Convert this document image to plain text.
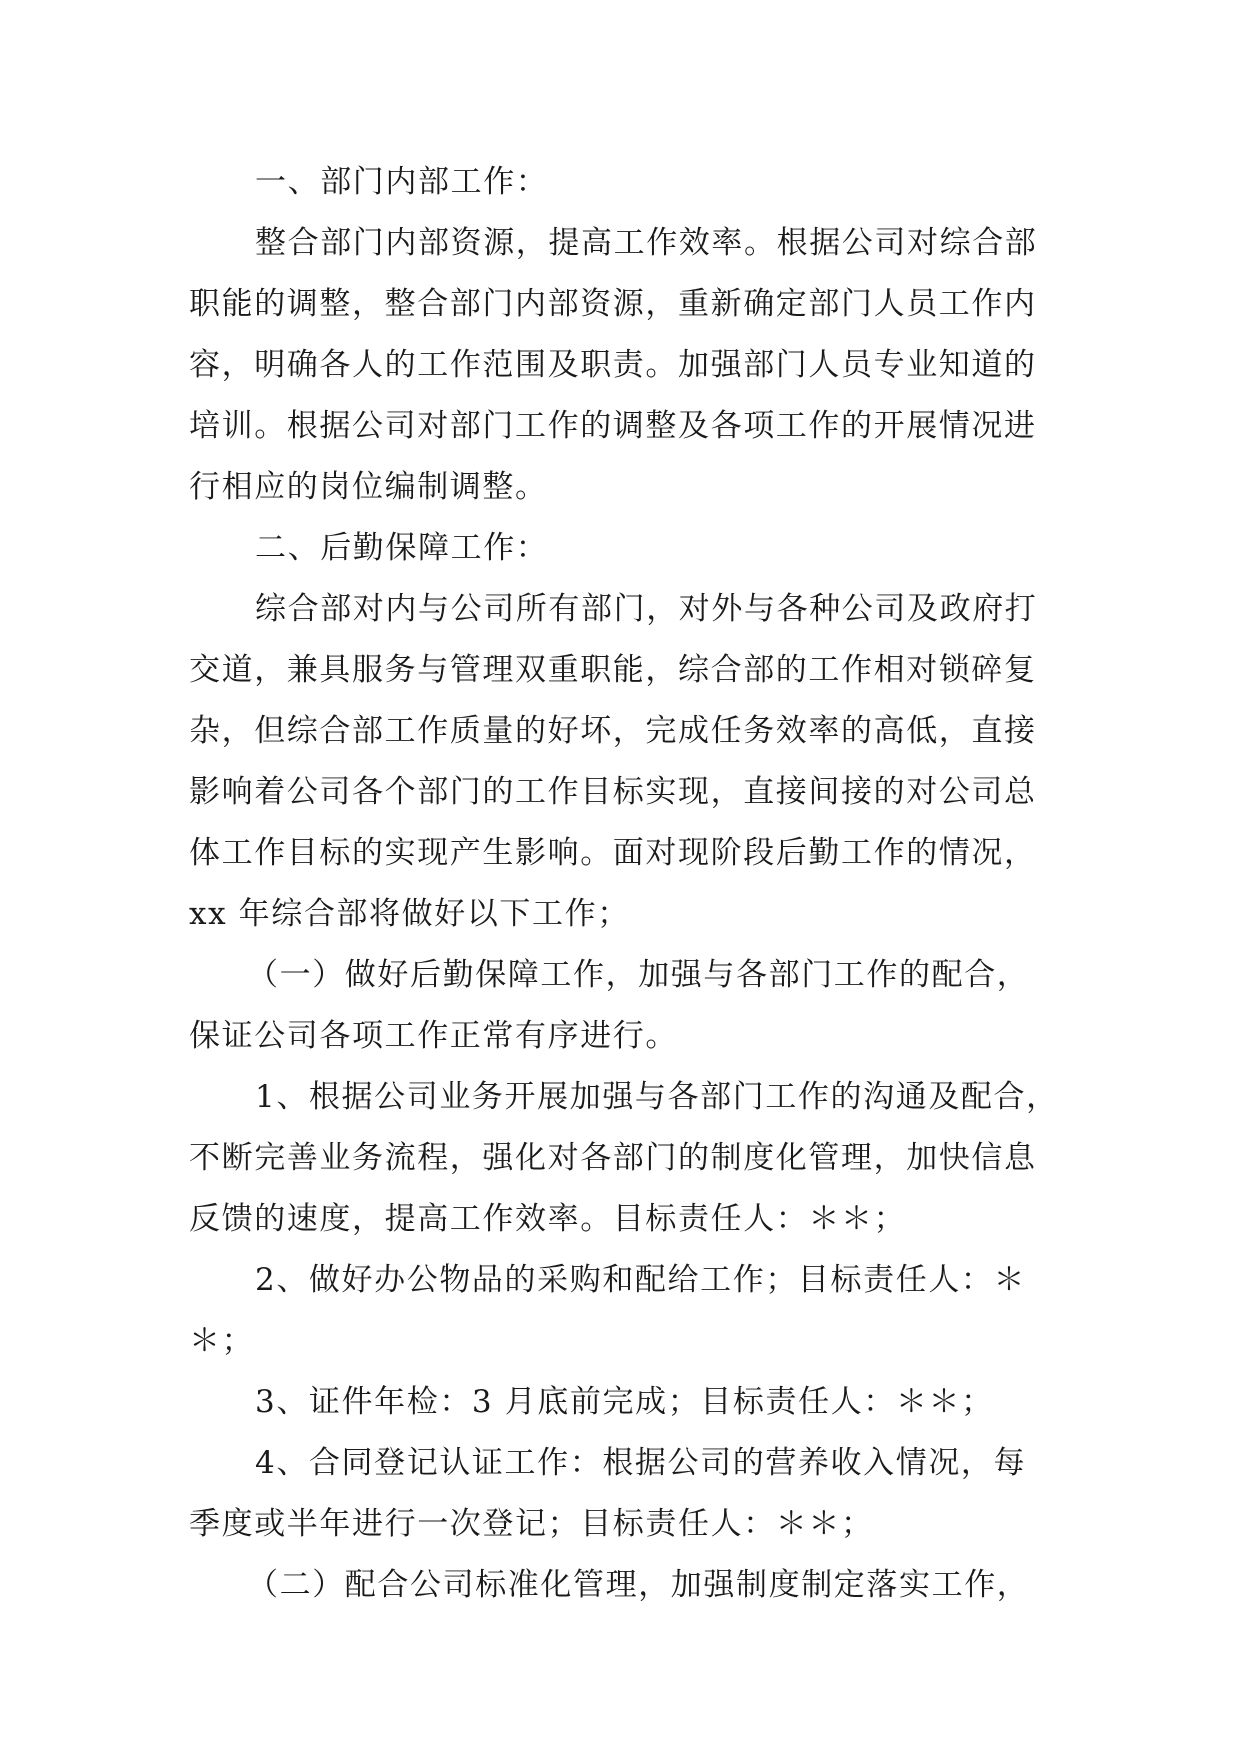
一、部门内部工作：
整合部门内部资源，提高工作效率。根据公司对综合部
职能的调整，整合部门内部资源，重新确定部门人员工作内
容，明确各人的工作范围及职责。加强部门人员专业知道的
培训。根据公司对部门工作的调整及各项工作的开展情况进
行相应的岗位编制调整。
二、后勤保障工作：
综合部对内与公司所有部门，对外与各种公司及政府打
交道，兼具服务与管理双重职能，综合部的工作相对锁碎复
杂，但综合部工作质量的好坏，完成任务效率的高低，直接
影响着公司各个部门的工作目标实现，直接间接的对公司总
体工作目标的实现产生影响。面对现阶段后勤工作的情况，
xx 年综合部将做好以下工作；
（一）做好后勤保障工作，加强与各部门工作的配合，
保证公司各项工作正常有序进行。
1、根据公司业务开展加强与各部门工作的沟通及配合，
不断完善业务流程，强化对各部门的制度化管理，加快信息
反馈的速度，提高工作效率。目标责任人：＊＊；
2、做好办公物品的采购和配给工作；目标责任人：＊
＊；
3、证件年检：3 月底前完成；目标责任人：＊＊；
4、合同登记认证工作：根据公司的营养收入情况，每
季度或半年进行一次登记；目标责任人：＊＊；
（二）配合公司标准化管理，加强制度制定落实工作，
